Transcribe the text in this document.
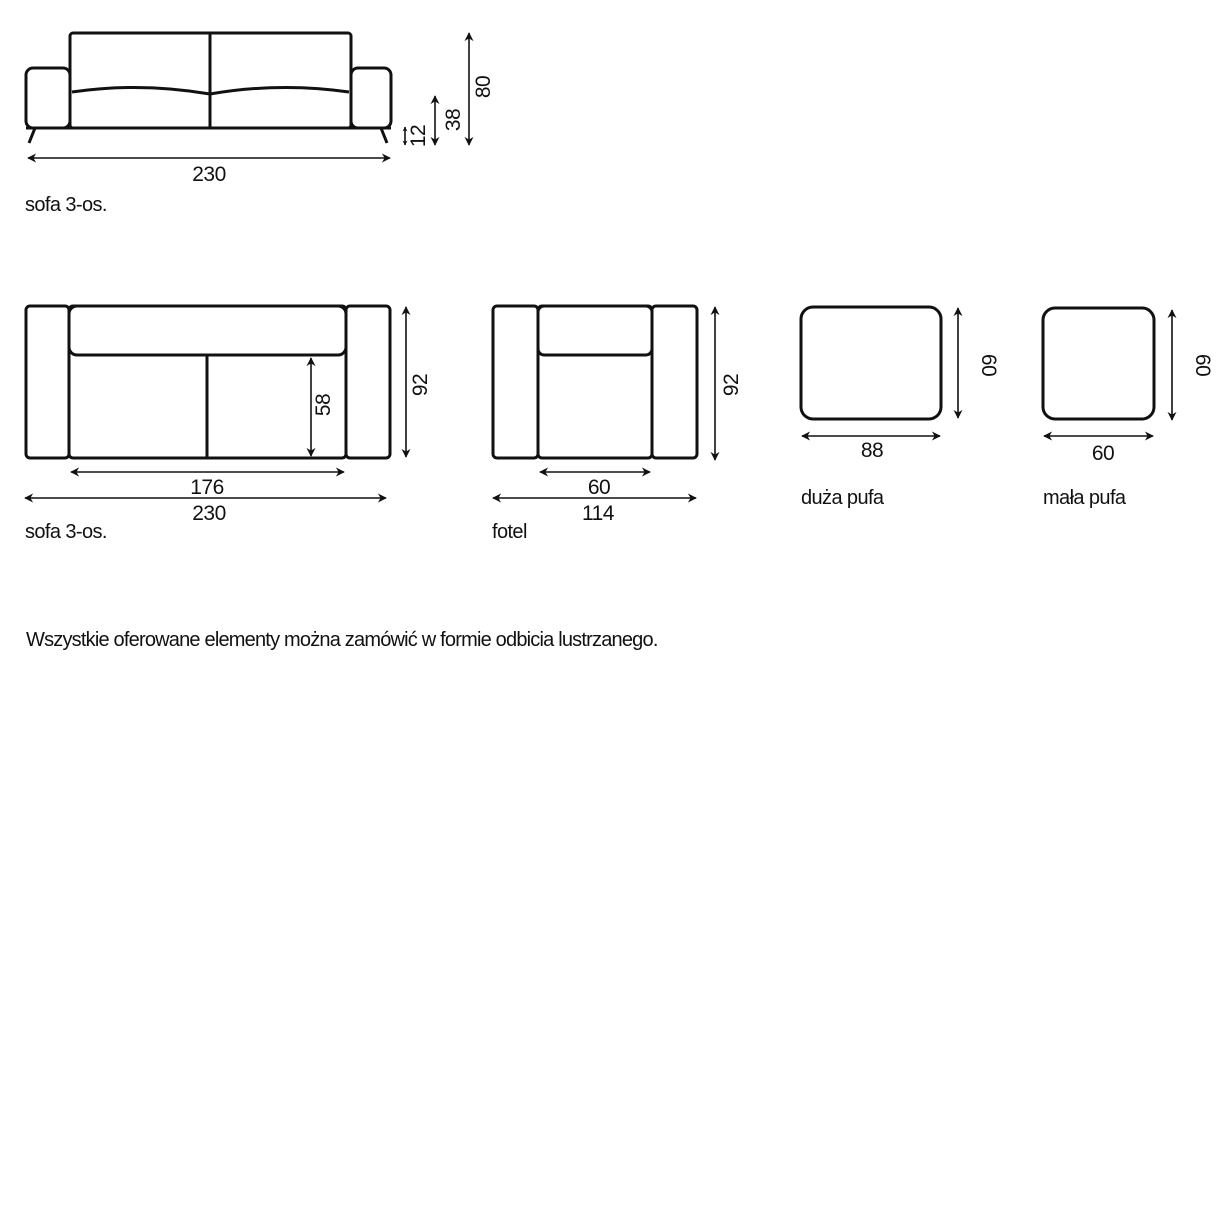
230
12
38
80
58
92
176
230
92
60
114
60
88
60
60
sofa 3-os.
sofa 3-os.	fotel
duża pufa	mała pufa
Wszystkie oferowane elementy można zamówić w formie odbicia lustrzanego.
